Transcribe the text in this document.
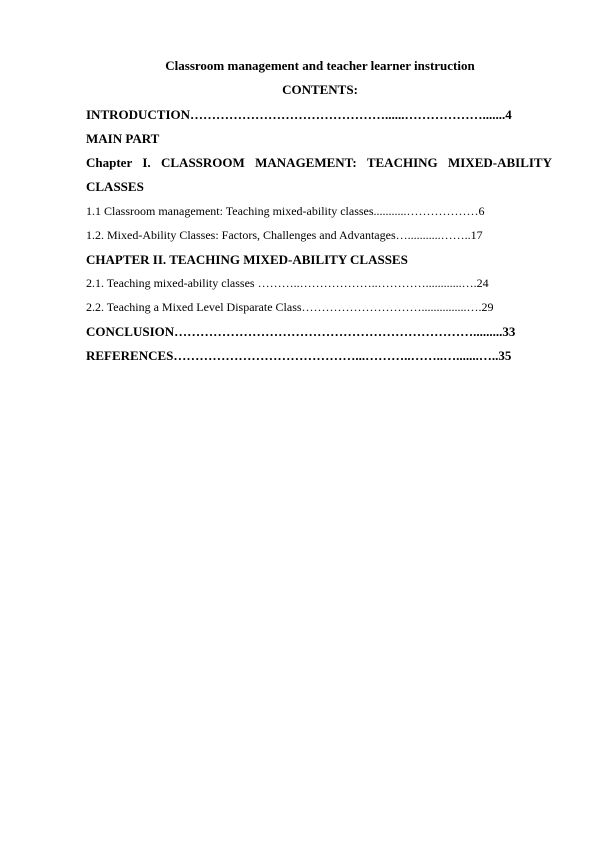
Classroom management and teacher learner instruction
CONTENTS:
INTRODUCTION………………………………………......……………….......4
MAIN PART
Chapter I. CLASSROOM MANAGEMENT: TEACHING MIXED-ABILITY
CLASSES
1.1 Classroom management: Teaching mixed-ability classes...........………………6
1.2. Mixed-Ability Classes: Factors, Challenges and Advantages…...........……..17
CHAPTER II. TEACHING MIXED-ABILITY CLASSES
2.1. Teaching mixed-ability classes ………..………………..…………............….24
2.2. Teaching a Mixed Level Disparate Class…………………………...............….29
CONCLUSION…………………………………………………………….........33
REFERENCES……………………………………...………..……..….......…..35
